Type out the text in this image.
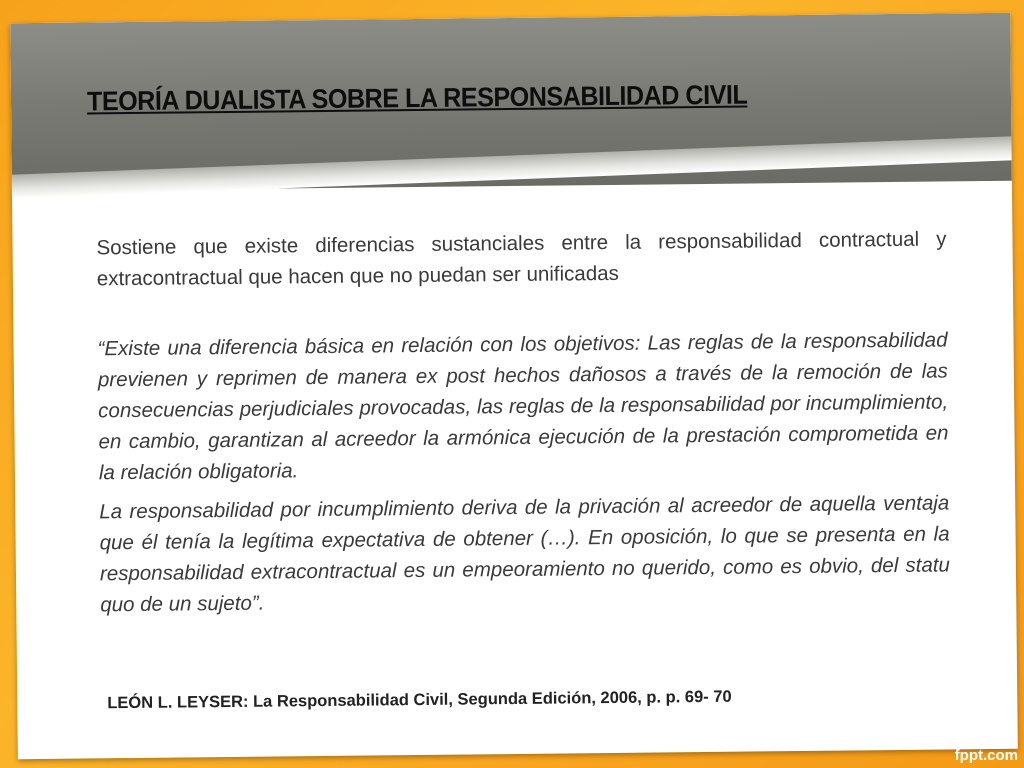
TEORÍA DUALISTA SOBRE LA RESPONSABILIDAD CIVIL

Sostiene que existe diferencias sustanciales entre la responsabilidad contractual y extracontractual que hacen que no puedan ser unificadas

“Existe una diferencia básica en relación con los objetivos: Las reglas de la responsabilidad previenen y reprimen de manera ex post hechos dañosos a través de la remoción de las consecuencias perjudiciales provocadas, las reglas de la responsabilidad por incumplimiento, en cambio, garantizan al acreedor la armónica ejecución de la prestación comprometida en la relación obligatoria.

La responsabilidad por incumplimiento deriva de la privación al acreedor de aquella ventaja que él tenía la legítima expectativa de obtener (…). En oposición, lo que se presenta en la responsabilidad extracontractual es un empeoramiento no querido, como es obvio, del statu quo de un sujeto”.

LEÓN L. LEYSER: La Responsabilidad Civil, Segunda Edición, 2006, p. p. 69- 70
fppt.com
